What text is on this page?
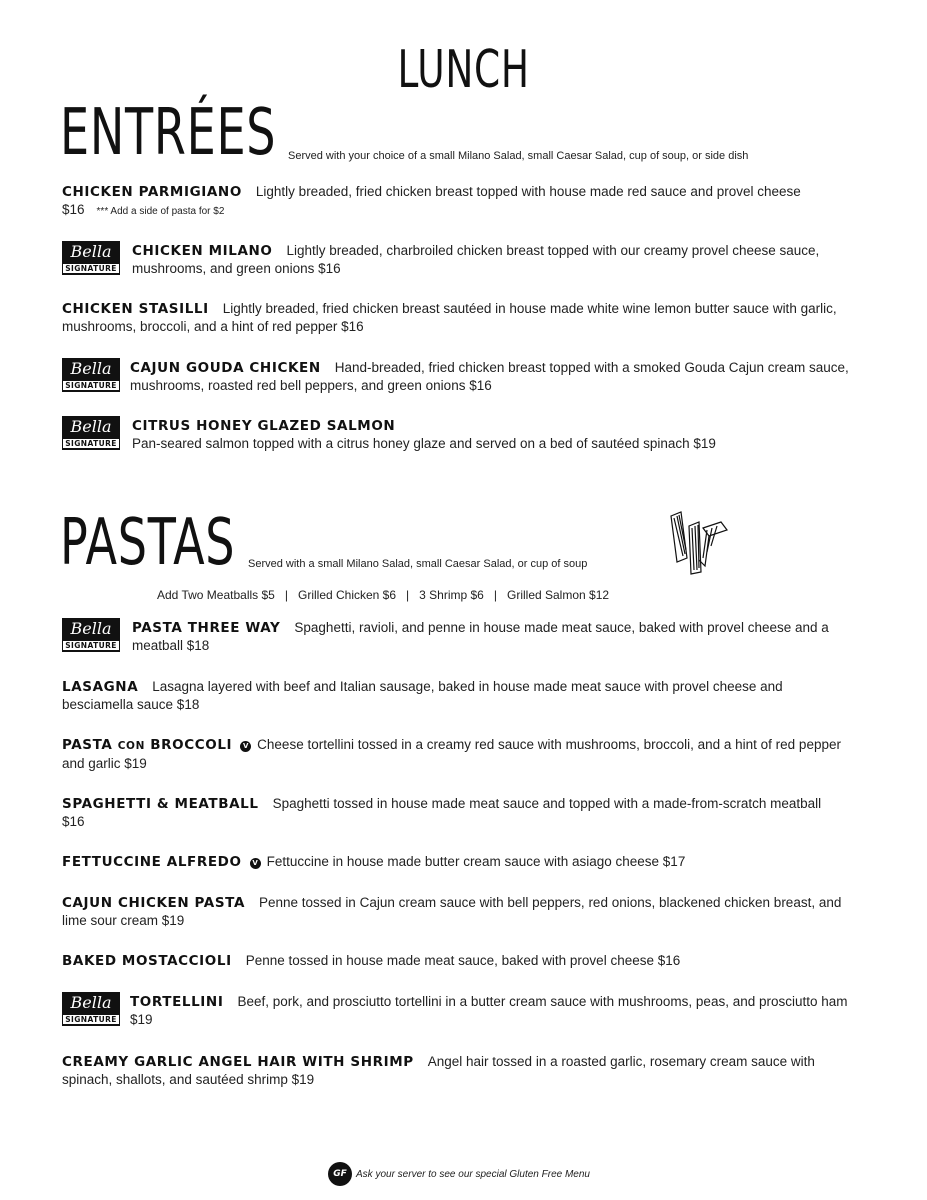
LUNCH
ENTRÉES Served with your choice of a small Milano Salad, small Caesar Salad, cup of soup, or side dish
CHICKEN PARMIGIANO Lightly breaded, fried chicken breast topped with house made red sauce and provel cheese
$16 *** Add a side of pasta for $2
Bella
SIGNATURE
CHICKEN MILANO Lightly breaded, charbroiled chicken breast topped with our creamy provel cheese sauce, mushrooms, and green onions $16
CHICKEN STASILLI Lightly breaded, fried chicken breast sautéed in house made white wine lemon butter sauce with garlic, mushrooms, broccoli, and a hint of red pepper $16
Bella
SIGNATURE
CAJUN GOUDA CHICKEN Hand-breaded, fried chicken breast topped with a smoked Gouda Cajun cream sauce, mushrooms, roasted red bell peppers, and green onions $16
Bella
SIGNATURE
CITRUS HONEY GLAZED SALMON
Pan-seared salmon topped with a citrus honey glaze and served on a bed of sautéed spinach $19
PASTAS Served with a small Milano Salad, small Caesar Salad, or cup of soup
Add Two Meatballs $5 | Grilled Chicken $6 | 3 Shrimp $6 | Grilled Salmon $12
Bella
SIGNATURE
PASTA THREE WAY Spaghetti, ravioli, and penne in house made meat sauce, baked with provel cheese and a meatball $18
LASAGNA Lasagna layered with beef and Italian sausage, baked in house made meat sauce with provel cheese and besciamella sauce $18
PASTA CON BROCCOLI V Cheese tortellini tossed in a creamy red sauce with mushrooms, broccoli, and a hint of red pepper and garlic $19
SPAGHETTI & MEATBALL Spaghetti tossed in house made meat sauce and topped with a made-from-scratch meatball $16
FETTUCCINE ALFREDO V Fettuccine in house made butter cream sauce with asiago cheese $17
CAJUN CHICKEN PASTA Penne tossed in Cajun cream sauce with bell peppers, red onions, blackened chicken breast, and lime sour cream $19
BAKED MOSTACCIOLI Penne tossed in house made meat sauce, baked with provel cheese $16
Bella
SIGNATURE
TORTELLINI Beef, pork, and prosciutto tortellini in a butter cream sauce with mushrooms, peas, and prosciutto ham $19
CREAMY GARLIC ANGEL HAIR WITH SHRIMP Angel hair tossed in a roasted garlic, rosemary cream sauce with spinach, shallots, and sautéed shrimp $19
GF Ask your server to see our special Gluten Free Menu
